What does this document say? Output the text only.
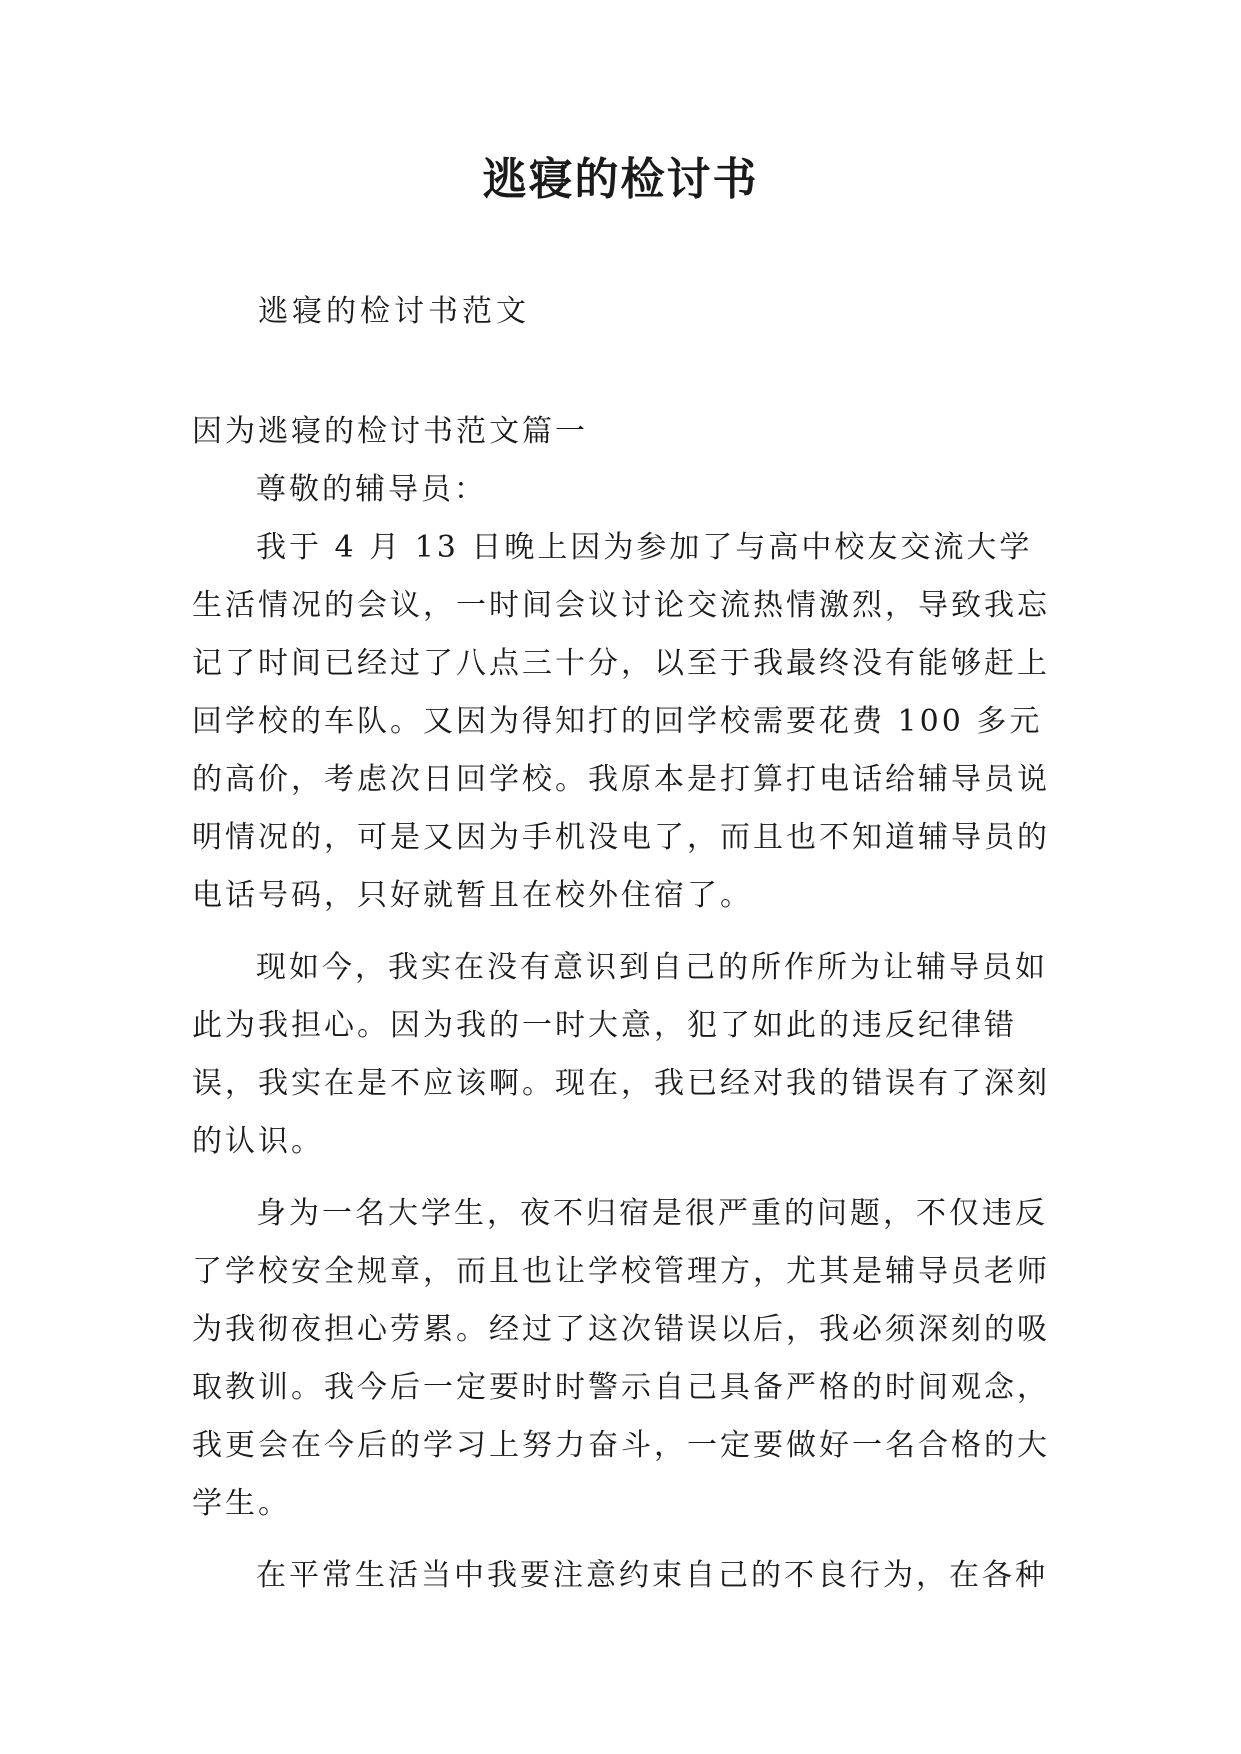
逃寝的检讨书
逃寝的检讨书范文

因为逃寝的检讨书范文篇一

尊敬的辅导员：

我于 4 月 13 日晚上因为参加了与高中校友交流大学生活情况的会议，一时间会议讨论交流热情激烈，导致我忘记了时间已经过了八点三十分，以至于我最终没有能够赶上回学校的车队。又因为得知打的回学校需要花费 100 多元的高价，考虑次日回学校。我原本是打算打电话给辅导员说明情况的，可是又因为手机没电了，而且也不知道辅导员的电话号码，只好就暂且在校外住宿了。

现如今，我实在没有意识到自己的所作所为让辅导员如此为我担心。因为我的一时大意，犯了如此的违反纪律错误，我实在是不应该啊。现在，我已经对我的错误有了深刻的认识。

身为一名大学生，夜不归宿是很严重的问题，不仅违反了学校安全规章，而且也让学校管理方，尤其是辅导员老师为我彻夜担心劳累。经过了这次错误以后，我必须深刻的吸取教训。我今后一定要时时警示自己具备严格的时间观念，我更会在今后的学习上努力奋斗，一定要做好一名合格的大学生。

在平常生活当中我要注意约束自己的不良行为，在各种
